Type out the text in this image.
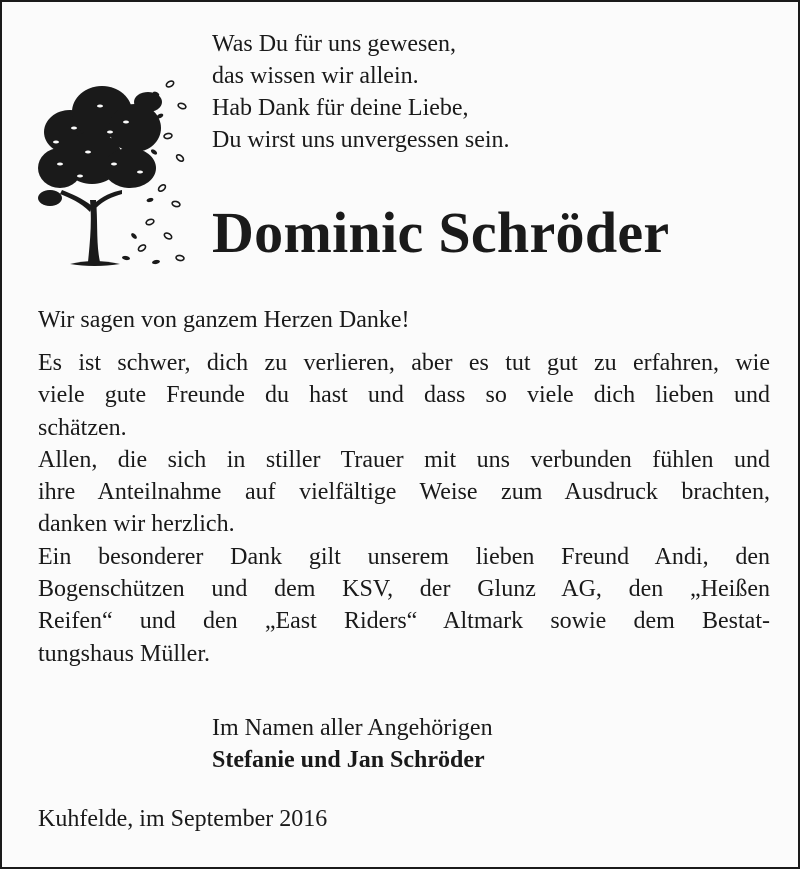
Was Du für uns gewesen,
das wissen wir allein.
Hab Dank für deine Liebe,
Du wirst uns unvergessen sein.
Dominic Schröder
Wir sagen von ganzem Herzen Danke!
Es ist schwer, dich zu verlieren, aber es tut gut zu erfahren, wie
viele gute Freunde du hast und dass so viele dich lieben und
schätzen.
Allen, die sich in stiller Trauer mit uns verbunden fühlen und
ihre Anteilnahme auf vielfältige Weise zum Ausdruck brachten,
danken wir herzlich.
Ein besonderer Dank gilt unserem lieben Freund Andi, den
Bogenschützen und dem KSV, der Glunz AG, den „Heißen
Reifen“ und den „East Riders“ Altmark sowie dem Bestat-
tungshaus Müller.
Im Namen aller Angehörigen
Stefanie und Jan Schröder
Kuhfelde, im September 2016
